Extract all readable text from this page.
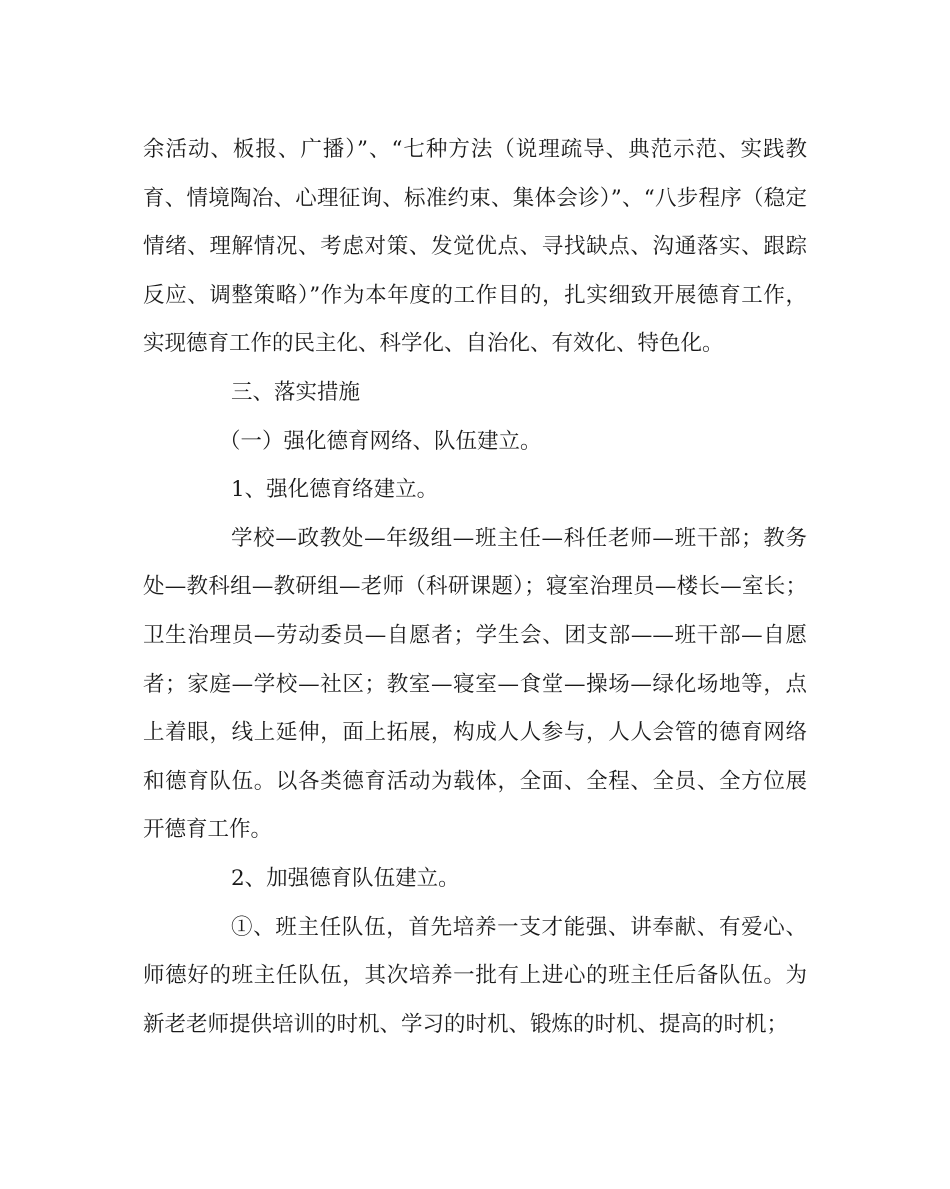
余活动、板报、广播）”、“七种方法（说理疏导、典范示范、实践教育、情境陶冶、心理征询、标准约束、集体会诊）”、“八步程序（稳定情绪、理解情况、考虑对策、发觉优点、寻找缺点、沟通落实、跟踪反应、调整策略）”作为本年度的工作目的，扎实细致开展德育工作，实现德育工作的民主化、科学化、自治化、有效化、特色化。

三、落实措施

（一）强化德育网络、队伍建立。

1、强化德育络建立。

学校—政教处—年级组—班主任—科任老师—班干部；教务处—教科组—教研组—老师（科研课题）；寝室治理员—楼长—室长；卫生治理员—劳动委员—自愿者；学生会、团支部——班干部—自愿者；家庭—学校—社区；教室—寝室—食堂—操场—绿化场地等，点上着眼，线上延伸，面上拓展，构成人人参与，人人会管的德育网络和德育队伍。以各类德育活动为载体，全面、全程、全员、全方位展开德育工作。

2、加强德育队伍建立。

①、班主任队伍，首先培养一支才能强、讲奉献、有爱心、师德好的班主任队伍，其次培养一批有上进心的班主任后备队伍。为新老老师提供培训的时机、学习的时机、锻炼的时机、提高的时机；
